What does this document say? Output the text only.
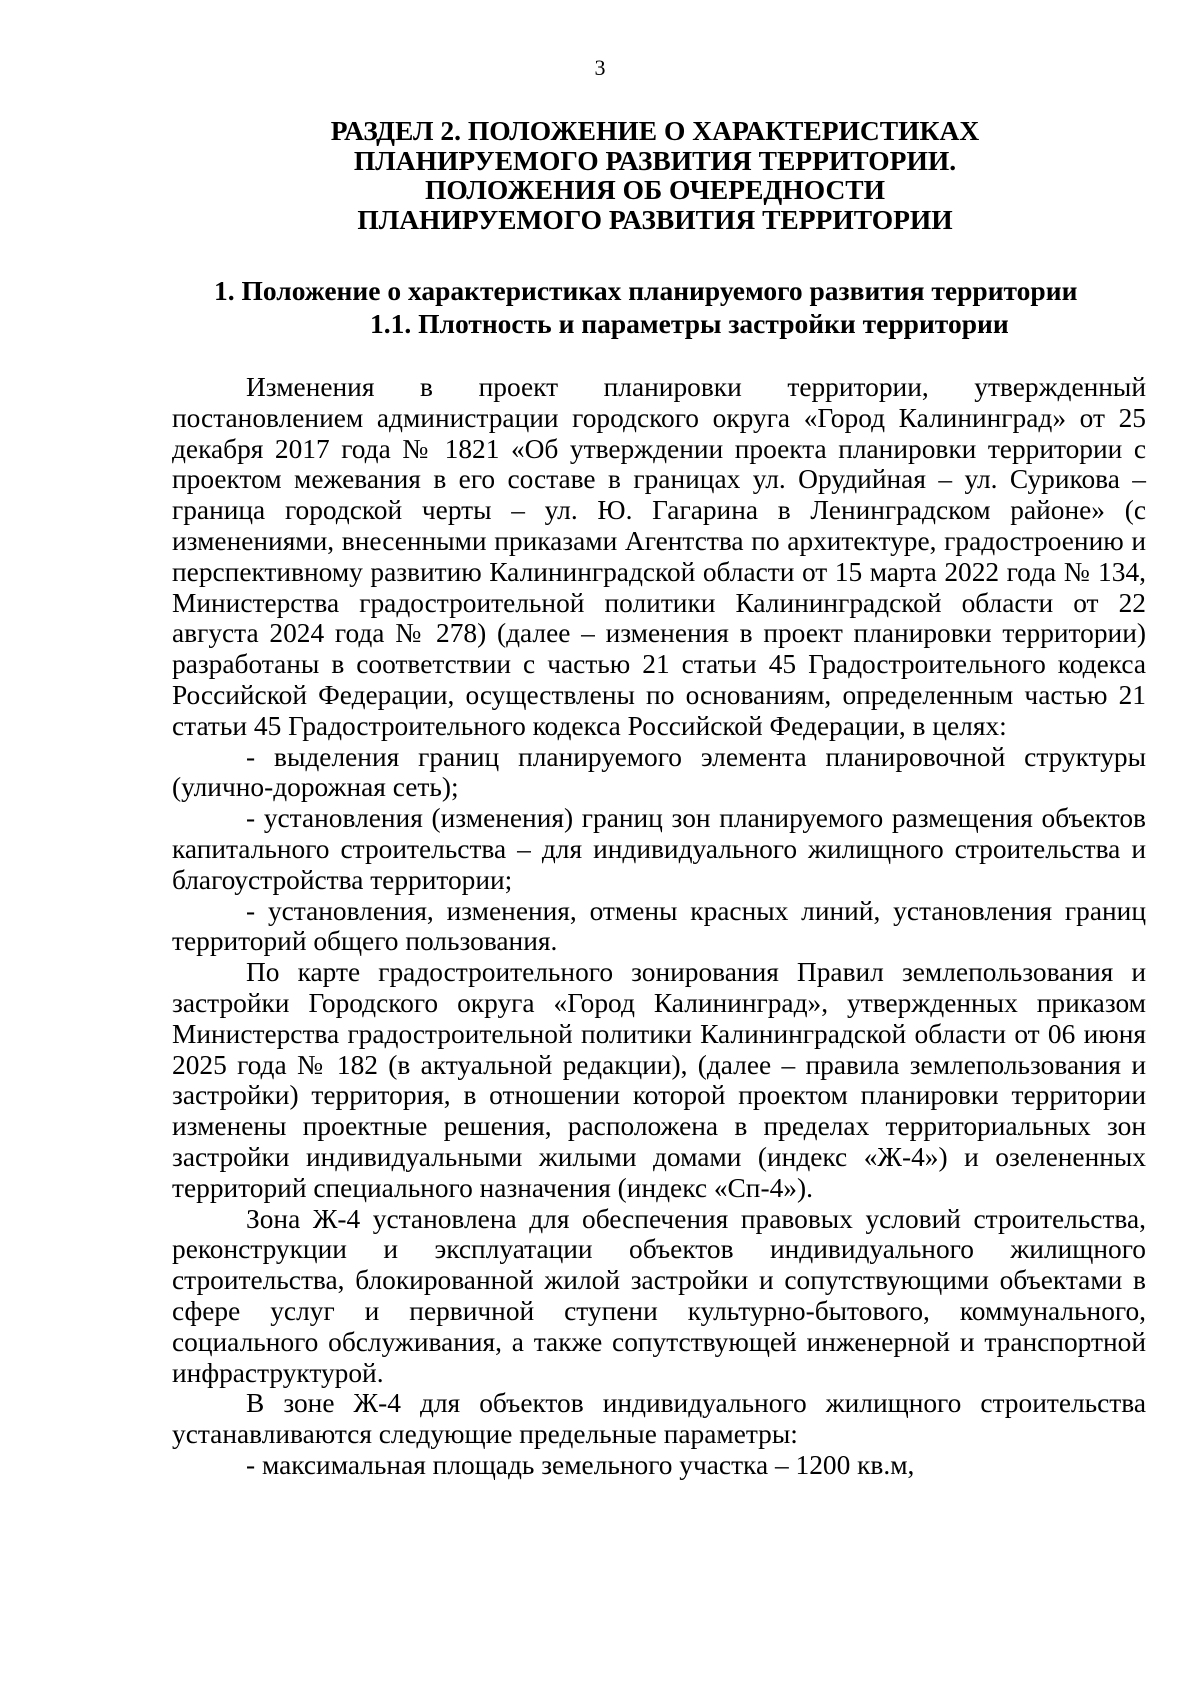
3
РАЗДЕЛ 2. ПОЛОЖЕНИЕ О ХАРАКТЕРИСТИКАХ
ПЛАНИРУЕМОГО РАЗВИТИЯ ТЕРРИТОРИИ.
ПОЛОЖЕНИЯ ОБ ОЧЕРЕДНОСТИ
ПЛАНИРУЕМОГО РАЗВИТИЯ ТЕРРИТОРИИ
1. Положение о характеристиках планируемого развития территории
1.1. Плотность и параметры застройки территории

Изменения в проект планировки территории, утвержденный постановлением администрации городского округа «Город Калининград» от 25 декабря 2017 года № 1821 «Об утверждении проекта планировки территории с проектом межевания в его составе в границах ул. Орудийная – ул. Сурикова – граница городской черты – ул. Ю. Гагарина в Ленинградском районе» (с изменениями, внесенными приказами Агентства по архитектуре, градостроению и перспективному развитию Калининградской области от 15 марта 2022 года № 134, Министерства градостроительной политики Калининградской области от 22 августа 2024 года № 278) (далее – изменения в проект планировки территории) разработаны в соответствии с частью 21 статьи 45 Градостроительного кодекса Российской Федерации, осуществлены по основаниям, определенным частью 21 статьи 45 Градостроительного кодекса Российской Федерации, в целях:

- выделения границ планируемого элемента планировочной структуры (улично-дорожная сеть);

- установления (изменения) границ зон планируемого размещения объектов капитального строительства – для индивидуального жилищного строительства и благоустройства территории;

- установления, изменения, отмены красных линий, установления границ территорий общего пользования.

По карте градостроительного зонирования Правил землепользования и застройки Городского округа «Город Калининград», утвержденных приказом Министерства градостроительной политики Калининградской области от 06 июня 2025 года № 182 (в актуальной редакции), (далее – правила землепользования и застройки) территория, в отношении которой проектом планировки территории изменены проектные решения, расположена в пределах территориальных зон застройки индивидуальными жилыми домами (индекс «Ж-4») и озелененных территорий специального назначения (индекс «Сп-4»).

Зона Ж-4 установлена для обеспечения правовых условий строительства, реконструкции и эксплуатации объектов индивидуального жилищного строительства, блокированной жилой застройки и сопутствующими объектами в сфере услуг и первичной ступени культурно-бытового, коммунального, социального обслуживания, а также сопутствующей инженерной и транспортной инфраструктурой.

В зоне Ж-4 для объектов индивидуального жилищного строительства устанавливаются следующие предельные параметры:

- максимальная площадь земельного участка – 1200 кв.м,
